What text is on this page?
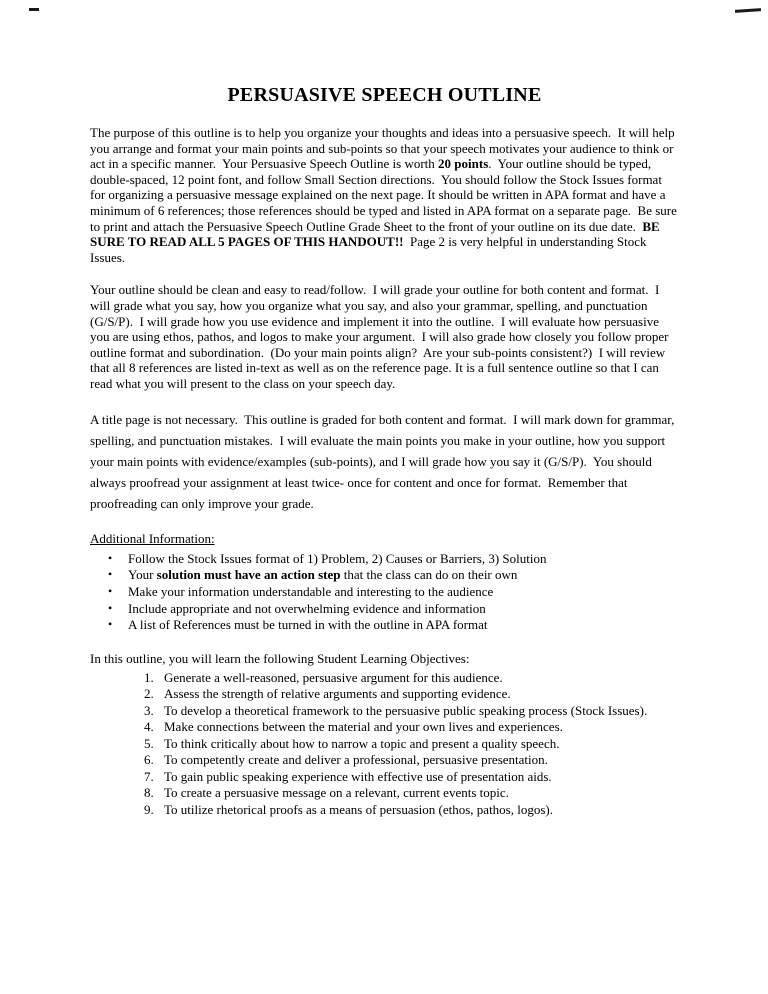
PERSUASIVE SPEECH OUTLINE

The purpose of this outline is to help you organize your thoughts and ideas into a persuasive speech.  It will help you arrange and format your main points and sub-points so that your speech motivates your audience to think or act in a specific manner.  Your Persuasive Speech Outline is worth 20 points.  Your outline should be typed, double-spaced, 12 point font, and follow Small Section directions.  You should follow the Stock Issues format for organizing a persuasive message explained on the next page. It should be written in APA format and have a minimum of 6 references; those references should be typed and listed in APA format on a separate page.  Be sure to print and attach the Persuasive Speech Outline Grade Sheet to the front of your outline on its due date.  BE SURE TO READ ALL 5 PAGES OF THIS HANDOUT!!  Page 2 is very helpful in understanding Stock Issues.

Your outline should be clean and easy to read/follow.  I will grade your outline for both content and format.  I will grade what you say, how you organize what you say, and also your grammar, spelling, and punctuation (G/S/P).  I will grade how you use evidence and implement it into the outline.  I will evaluate how persuasive you are using ethos, pathos, and logos to make your argument.  I will also grade how closely you follow proper outline format and subordination.  (Do your main points align?  Are your sub-points consistent?)  I will review that all 8 references are listed in-text as well as on the reference page. It is a full sentence outline so that I can read what you will present to the class on your speech day.

A title page is not necessary.  This outline is graded for both content and format.  I will mark down for grammar, spelling, and punctuation mistakes.  I will evaluate the main points you make in your outline, how you support your main points with evidence/examples (sub-points), and I will grade how you say it (G/S/P).  You should always proofread your assignment at least twice- once for content and once for format.  Remember that proofreading can only improve your grade.

Additional Information:
•	Follow the Stock Issues format of 1) Problem, 2) Causes or Barriers, 3) Solution
•	Your solution must have an action step that the class can do on their own
•	Make your information understandable and interesting to the audience
•	Include appropriate and not overwhelming evidence and information
•	A list of References must be turned in with the outline in APA format

In this outline, you will learn the following Student Learning Objectives:

1. Generate a well-reasoned, persuasive argument for this audience.
2. Assess the strength of relative arguments and supporting evidence.
3. To develop a theoretical framework to the persuasive public speaking process (Stock Issues).
4. Make connections between the material and your own lives and experiences.
5. To think critically about how to narrow a topic and present a quality speech.
6. To competently create and deliver a professional, persuasive presentation.
7. To gain public speaking experience with effective use of presentation aids.
8. To create a persuasive message on a relevant, current events topic.
9. To utilize rhetorical proofs as a means of persuasion (ethos, pathos, logos).
